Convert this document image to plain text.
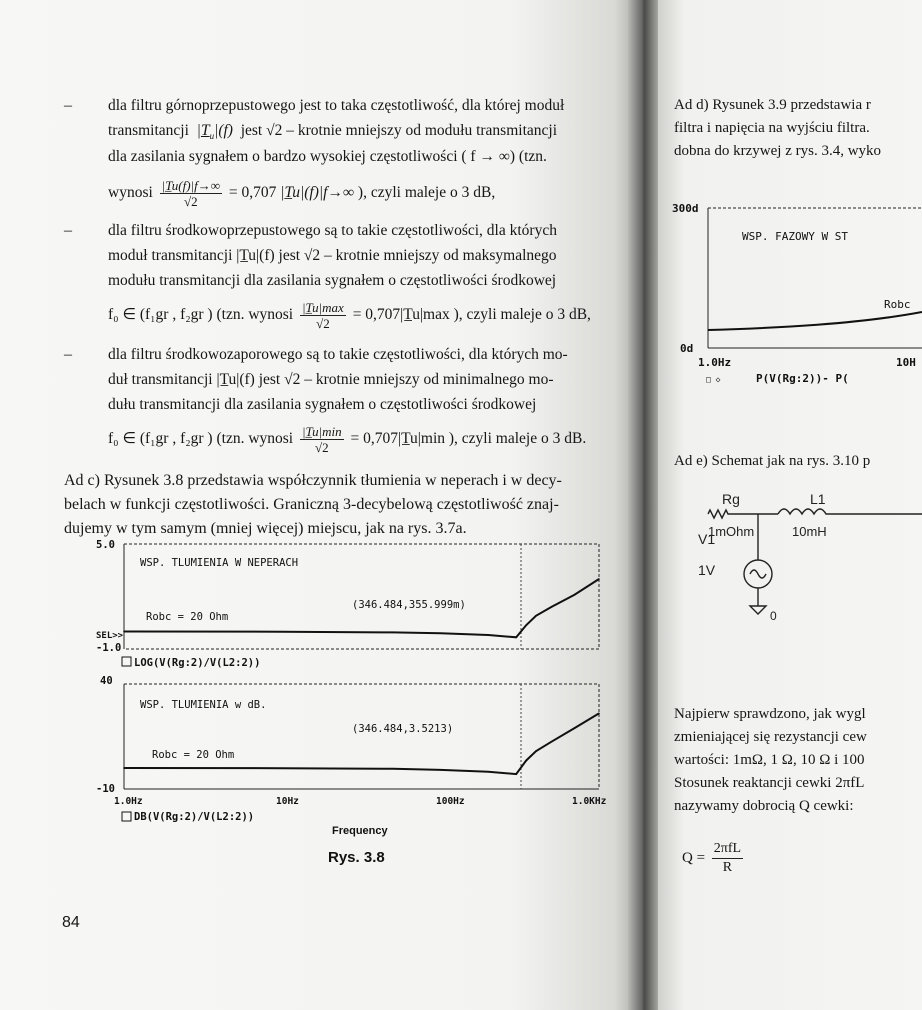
– dla filtru górnoprzepustowego jest to taka częstotliwość, dla której moduł
transmitancji  $|T_u|(f)$  jest √2 – krotnie mniejszy od modułu transmitancji
dla zasilania sygnałem o bardzo wysokiej częstotliwości ( f → ∞) (tzn.
wynosi $\frac{|T̲u(f)|f\to\infty}{√2} = 0,707$ |T̲u|(f)|f→∞ ), czyli maleje o 3 dB,
– dla filtru środkowoprzepustowego są to takie częstotliwości, dla których
moduł transmitancji |T̲u|(f) jest √2 – krotnie mniejszy od maksymalnego
modułu transmitancji dla zasilania sygnałem o częstotliwości środkowej
f₀ ∈ (f₁gr , f₂gr ) (tzn. wynosi $\frac{|T̲u|\max}{√2}$ = 0,707|T̲u|max ), czyli maleje o 3 dB,
– dla filtru środkowozaporowego są to takie częstotliwości, dla których mo-
duł transmitancji |T̲u|(f) jest √2 – krotnie mniejszy od minimalnego mo-
dułu transmitancji dla zasilania sygnałem o częstotliwości środkowej
f₀ ∈ (f₁gr , f₂gr ) (tzn. wynosi $\frac{|T̲u|\min}{√2}$ = 0,707|T̲u|min ), czyli maleje o 3 dB.
Ad c) Rysunek 3.8 przedstawia współczynnik tłumienia w neperach i w decy-
belach w funkcji częstotliwości. Graniczną 3-decybelową częstotliwość znaj-
dujemy w tym samym (mniej więcej) miejscu, jak na rys. 3.7a.
5.0
-1.0
SEL>>
WSP. TLUMIENIA W NEPERACH
Robc = 20 Ohm
(346.484,355.999m)
LOG(V(Rg:2)/V(L2:2))
40
-10
WSP. TLUMIENIA w dB.
Robc = 20 Ohm
(346.484,3.5213)
1.0Hz	10Hz	100Hz	1.0KHz
DB(V(Rg:2)/V(L2:2))
Frequency
Rys. 3.8
84
Ad d) Rysunek 3.9 przedstawia r
filtra i napięcia na wyjściu filtra.
dobna do krzywej z rys. 3.4, wyko
300d
WSP. FAZOWY W ST
Robc
0d
1.0Hz	10H
□ ◇	P(V(Rg:2))- P(
Ad e) Schemat jak na rys. 3.10 p
Rg	L1
1mOhm	10mH
V1
1V
0
Najpierw sprawdzono, jak wygl
zmieniającej się rezystancji cew
wartości: 1mΩ, 1 Ω, 10 Ω i 100
Stosunek reaktancji cewki 2πfL
nazywamy dobrocią Q cewki:
$Q = \frac{\text{2πfL}}{R}$
